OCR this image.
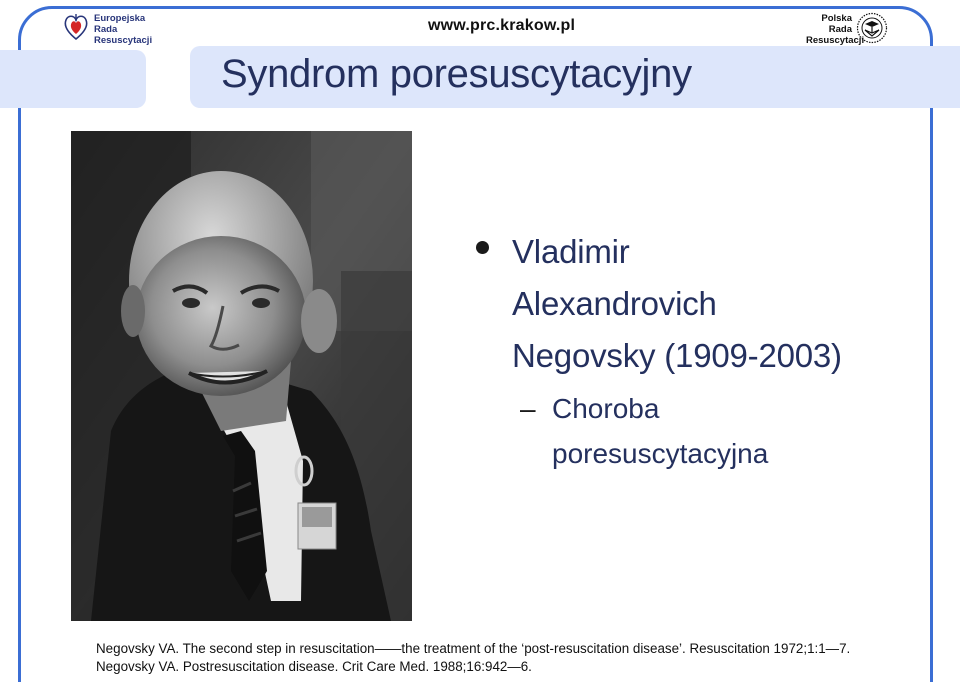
Europejska
Rada
Resuscytacji
www.prc.krakow.pl	Polska
Rada
Resuscytacji
Syndrom poresuscytacyjny
Vladimir
Alexandrovich
Negovsky (1909-2003)
– Choroba
poresuscytacyjna
Negovsky VA. The second step in resuscitation——the treatment of the ‘post-resuscitation disease’. Resuscitation 1972;1:1—7.
Negovsky VA. Postresuscitation disease. Crit Care Med. 1988;16:942—6.
